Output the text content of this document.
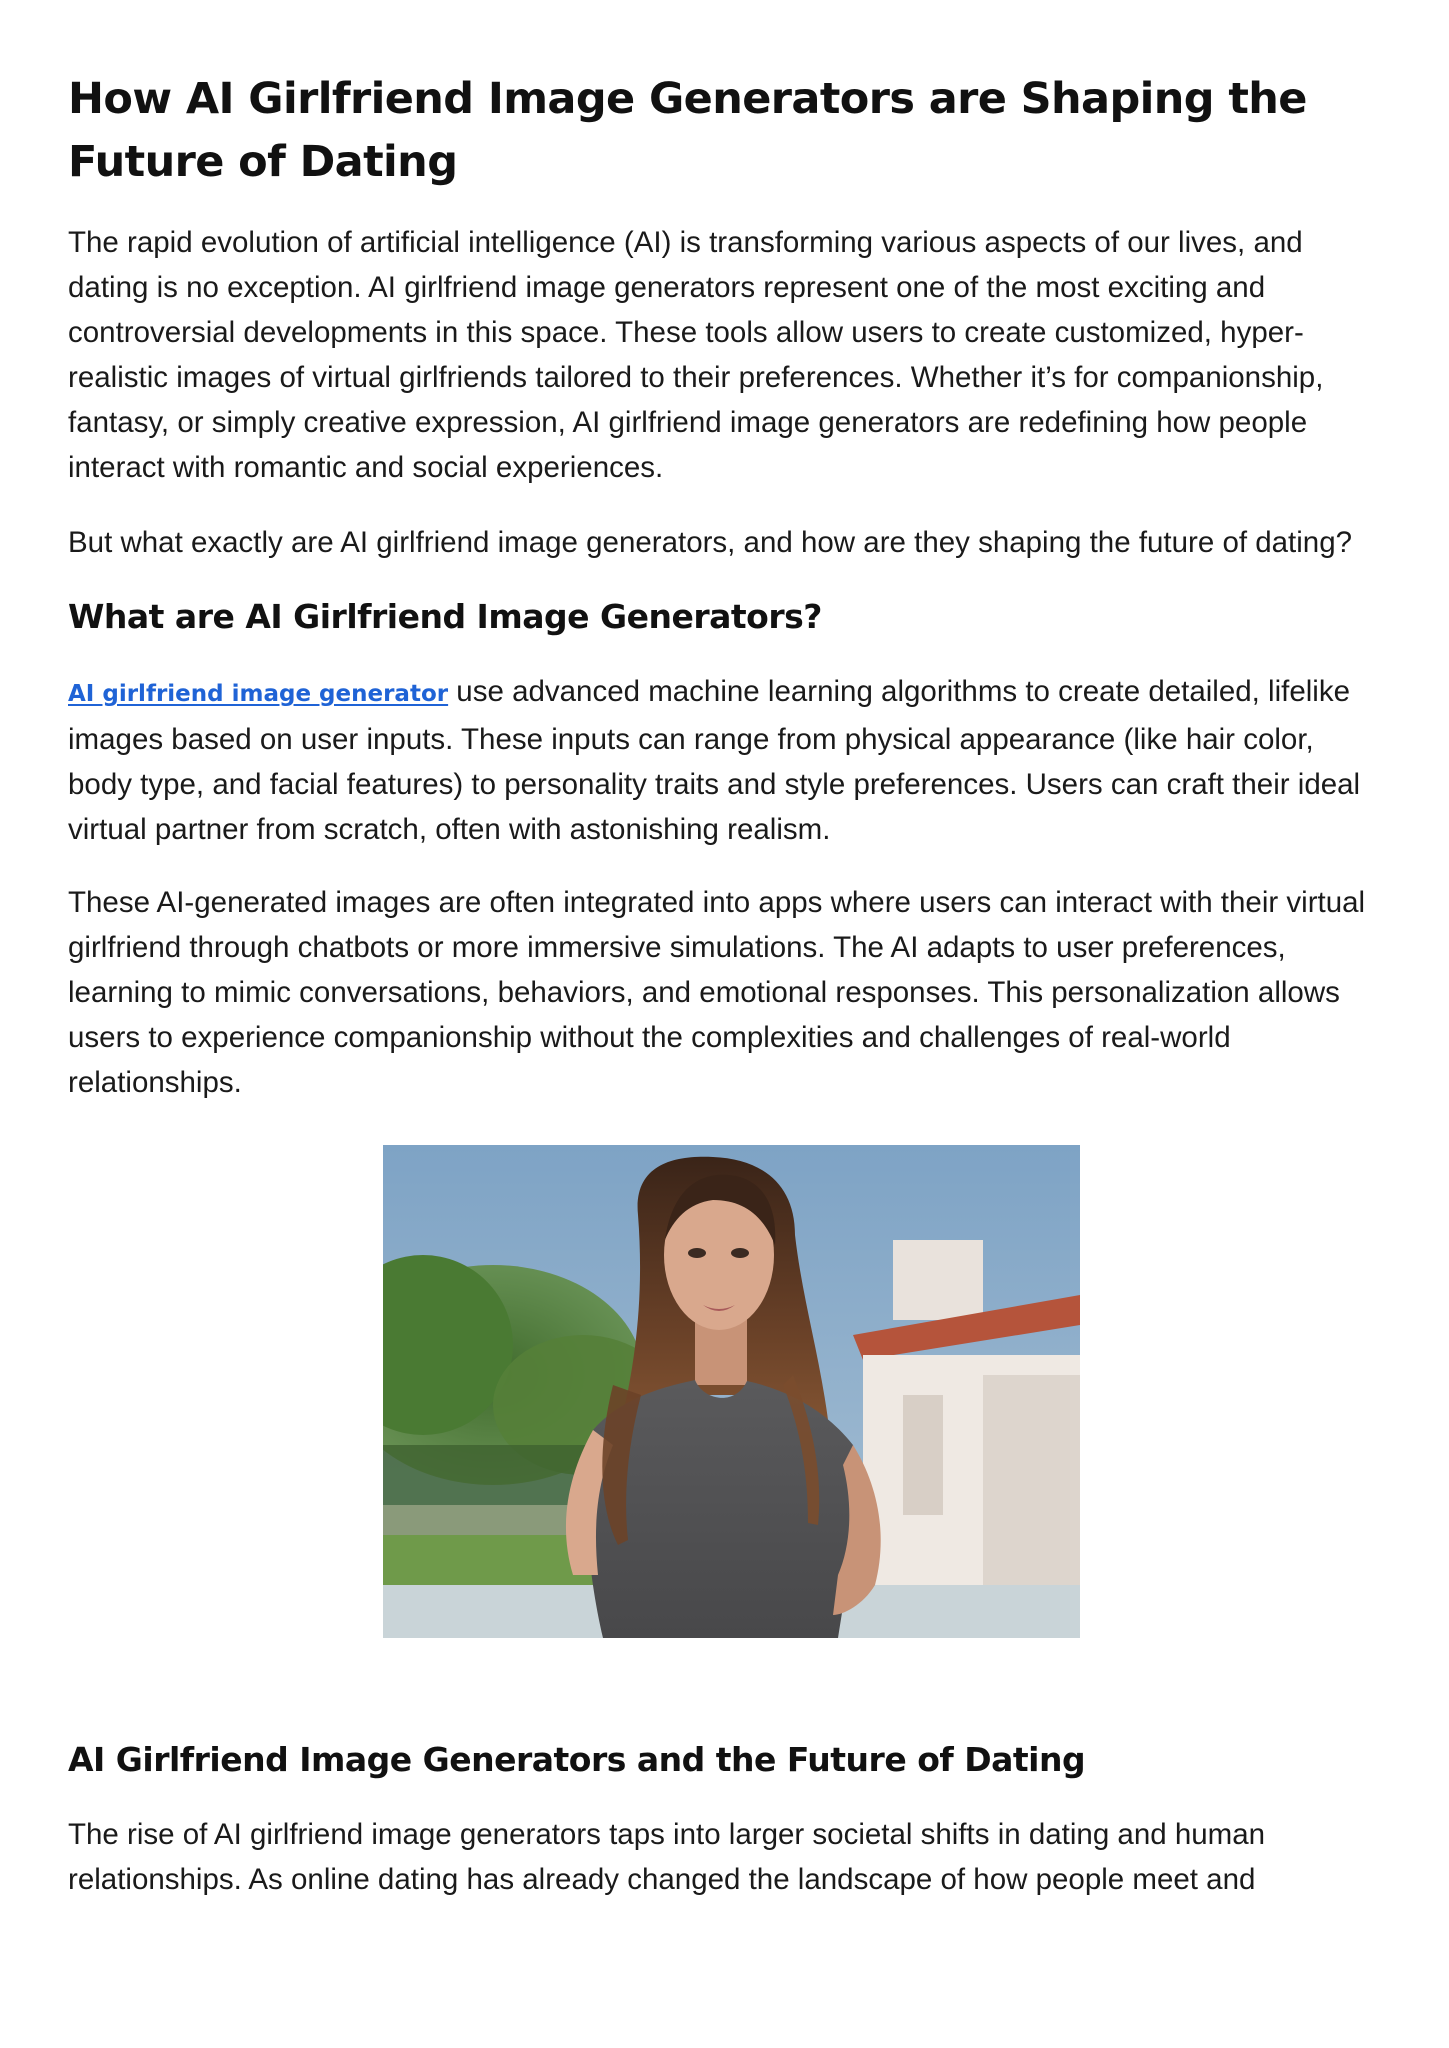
How AI Girlfriend Image Generators are Shaping the Future of Dating

The rapid evolution of artificial intelligence (AI) is transforming various aspects of our lives, and dating is no exception. AI girlfriend image generators represent one of the most exciting and controversial developments in this space. These tools allow users to create customized, hyper-realistic images of virtual girlfriends tailored to their preferences. Whether it’s for companionship, fantasy, or simply creative expression, AI girlfriend image generators are redefining how people interact with romantic and social experiences.

But what exactly are AI girlfriend image generators, and how are they shaping the future of dating?

What are AI Girlfriend Image Generators?

AI girlfriend image generator use advanced machine learning algorithms to create detailed, lifelike images based on user inputs. These inputs can range from physical appearance (like hair color, body type, and facial features) to personality traits and style preferences. Users can craft their ideal virtual partner from scratch, often with astonishing realism.

These AI-generated images are often integrated into apps where users can interact with their virtual girlfriend through chatbots or more immersive simulations. The AI adapts to user preferences, learning to mimic conversations, behaviors, and emotional responses. This personalization allows users to experience companionship without the complexities and challenges of real-world relationships.

AI Girlfriend Image Generators and the Future of Dating

The rise of AI girlfriend image generators taps into larger societal shifts in dating and human relationships. As online dating has already changed the landscape of how people meet and
